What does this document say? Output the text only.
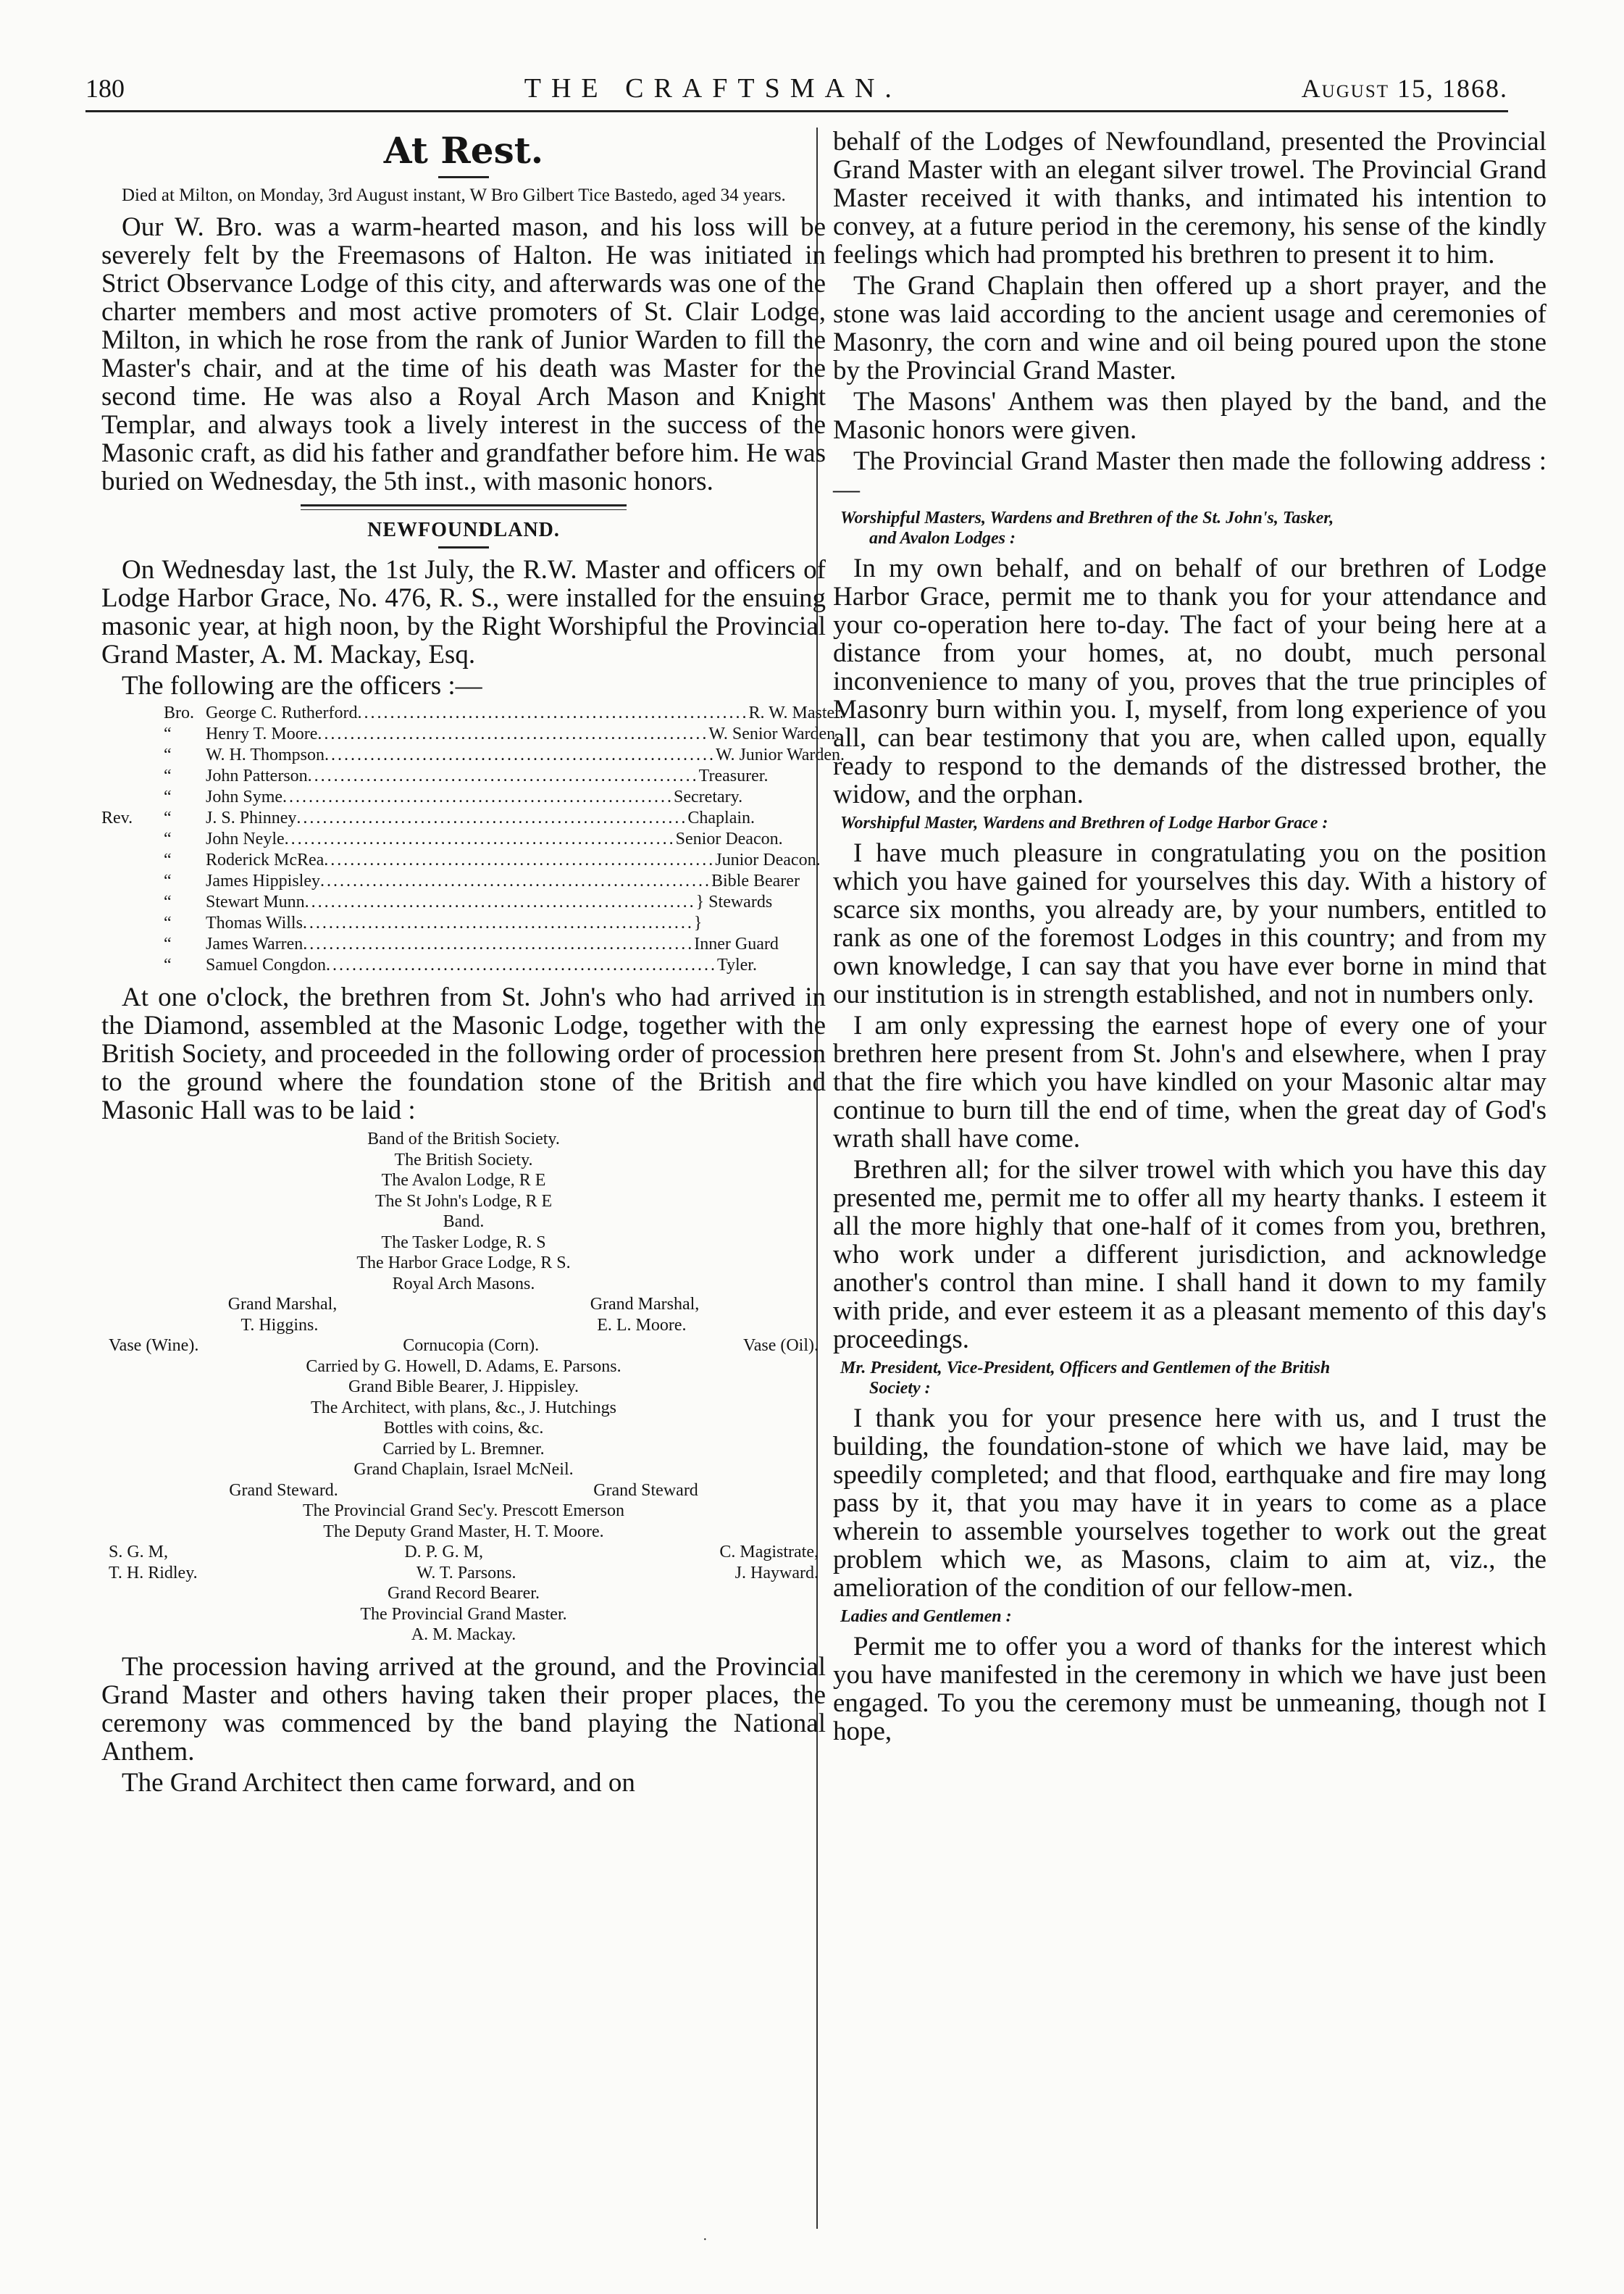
180	THE CRAFTSMAN.	August 15, 1868.
At Rest.
Died at Milton, on Monday, 3rd August instant, W Bro Gilbert Tice Bastedo, aged 34 years.

Our W. Bro. was a warm-hearted mason, and his loss will be severely felt by the Freemasons of Halton. He was initiated in Strict Observance Lodge of this city, and afterwards was one of the charter members and most active promoters of St. Clair Lodge, Milton, in which he rose from the rank of Junior Warden to fill the Master's chair, and at the time of his death was Master for the second time. He was also a Royal Arch Mason and Knight Templar, and always took a lively interest in the success of the Masonic craft, as did his father and grandfather before him. He was buried on Wednesday, the 5th inst., with masonic honors.

NEWFOUNDLAND.

On Wednesday last, the 1st July, the R.W. Master and officers of Lodge Harbor Grace, No. 476, R. S., were installed for the ensuing masonic year, at high noon, by the Right Worshipful the Provincial Grand Master, A. M. Mackay, Esq.

The following are the officers :—

Bro. George C. Rutherford ............................................................ R. W. Master.
“	Henry T. Moore ............................................................ W. Senior Warden.
“	W. H. Thompson ............................................................ W. Junior Warden.
“	John Patterson ............................................................ Treasurer.
“	John Syme ............................................................ Secretary.
Rev.	“	J. S. Phinney ............................................................ Chaplain.
“	John Neyle ............................................................ Senior Deacon.
“	Roderick McRea ............................................................ Junior Deacon.
“	James Hippisley ............................................................ Bible Bearer
“	Stewart Munn ............................................................ } Stewards
“	Thomas Wills ............................................................ }
“	James Warren ............................................................ Inner Guard
“	Samuel Congdon ............................................................ Tyler.

At one o'clock, the brethren from St. John's who had arrived in the Diamond, assembled at the Masonic Lodge, together with the British Society, and proceeded in the following order of procession to the ground where the foundation stone of the British and Masonic Hall was to be laid :

Band of the British Society.
The British Society.
The Avalon Lodge, R E
The St John's Lodge, R E
Band.
The Tasker Lodge, R. S
The Harbor Grace Lodge, R S.
Royal Arch Masons.
Grand Marshal,	Grand Marshal,
T. Higgins.	E. L. Moore.
Vase (Wine).	Cornucopia (Corn).	Vase (Oil).
Carried by G. Howell, D. Adams, E. Parsons.
Grand Bible Bearer, J. Hippisley.
The Architect, with plans, &c., J. Hutchings
Bottles with coins, &c.
Carried by L. Bremner.
Grand Chaplain, Israel McNeil.
Grand Steward.	Grand Steward
The Provincial Grand Sec'y. Prescott Emerson
The Deputy Grand Master, H. T. Moore.
S. G. M,	D. P. G. M,	C. Magistrate,
T. H. Ridley.	W. T. Parsons.	J. Hayward.
Grand Record Bearer.
The Provincial Grand Master.
A. M. Mackay.

The procession having arrived at the ground, and the Provincial Grand Master and others having taken their proper places, the ceremony was commenced by the band playing the National Anthem.

The Grand Architect then came forward, and on

behalf of the Lodges of Newfoundland, presented the Provincial Grand Master with an elegant silver trowel. The Provincial Grand Master received it with thanks, and intimated his intention to convey, at a future period in the ceremony, his sense of the kindly feelings which had prompted his brethren to present it to him.

The Grand Chaplain then offered up a short prayer, and the stone was laid according to the ancient usage and ceremonies of Masonry, the corn and wine and oil being poured upon the stone by the Provincial Grand Master.

The Masons' Anthem was then played by the band, and the Masonic honors were given.

The Provincial Grand Master then made the following address :—

Worshipful Masters, Wardens and Brethren of the St. John's, Tasker,
and Avalon Lodges :

In my own behalf, and on behalf of our brethren of Lodge Harbor Grace, permit me to thank you for your attendance and your co-operation here to-day. The fact of your being here at a distance from your homes, at, no doubt, much personal inconvenience to many of you, proves that the true principles of Masonry burn within you. I, myself, from long experience of you all, can bear testimony that you are, when called upon, equally ready to respond to the demands of the distressed brother, the widow, and the orphan.

Worshipful Master, Wardens and Brethren of Lodge Harbor Grace :

I have much pleasure in congratulating you on the position which you have gained for yourselves this day. With a history of scarce six months, you already are, by your numbers, entitled to rank as one of the foremost Lodges in this country; and from my own knowledge, I can say that you have ever borne in mind that our institution is in strength established, and not in numbers only.

I am only expressing the earnest hope of every one of your brethren here present from St. John's and elsewhere, when I pray that the fire which you have kindled on your Masonic altar may continue to burn till the end of time, when the great day of God's wrath shall have come.

Brethren all; for the silver trowel with which you have this day presented me, permit me to offer all my hearty thanks. I esteem it all the more highly that one-half of it comes from you, brethren, who work under a different jurisdiction, and acknowledge another's control than mine. I shall hand it down to my family with pride, and ever esteem it as a pleasant memento of this day's proceedings.

Mr. President, Vice-President, Officers and Gentlemen of the British
Society :

I thank you for your presence here with us, and I trust the building, the foundation-stone of which we have laid, may be speedily completed; and that flood, earthquake and fire may long pass by it, that you may have it in years to come as a place wherein to assemble yourselves together to work out the great problem which we, as Masons, claim to aim at, viz., the amelioration of the condition of our fellow-men.

Ladies and Gentlemen :

Permit me to offer you a word of thanks for the interest which you have manifested in the ceremony in which we have just been engaged. To you the ceremony must be unmeaning, though not I hope,

·
